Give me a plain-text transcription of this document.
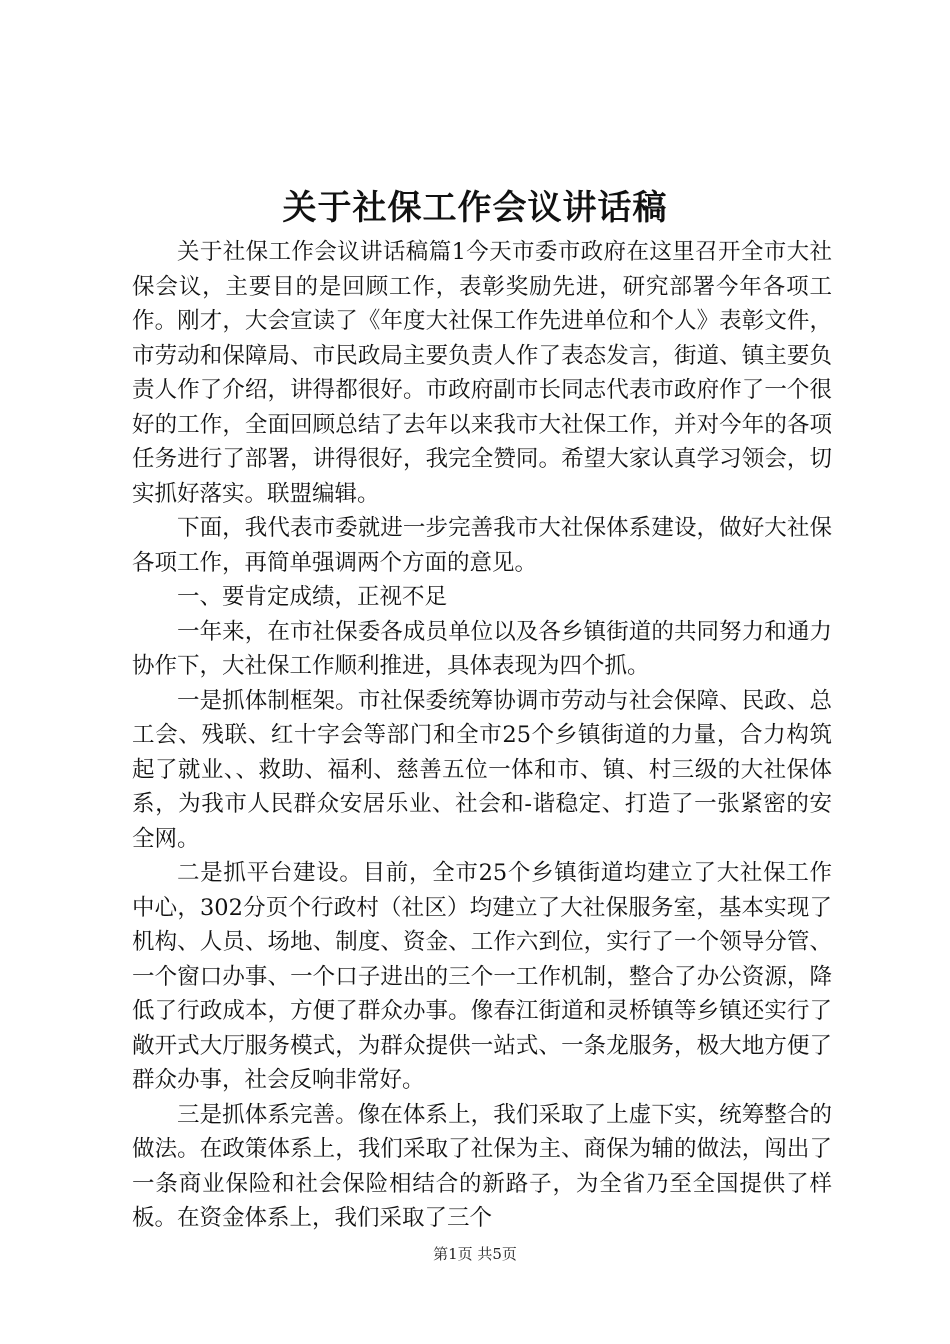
关于社保工作会议讲话稿

关于社保工作会议讲话稿篇1今天市委市政府在这里召开全市大社保会议，主要目的是回顾工作，表彰奖励先进，研究部署今年各项工作。刚才，大会宣读了《年度大社保工作先进单位和个人》表彰文件，市劳动和保障局、市民政局主要负责人作了表态发言，街道、镇主要负责人作了介绍，讲得都很好。市政府副市长同志代表市政府作了一个很好的工作，全面回顾总结了去年以来我市大社保工作，并对今年的各项任务进行了部署，讲得很好，我完全赞同。希望大家认真学习领会，切实抓好落实。联盟编辑。

下面，我代表市委就进一步完善我市大社保体系建设，做好大社保各项工作，再简单强调两个方面的意见。

一、要肯定成绩，正视不足

一年来，在市社保委各成员单位以及各乡镇街道的共同努力和通力协作下，大社保工作顺利推进，具体表现为四个抓。

一是抓体制框架。市社保委统筹协调市劳动与社会保障、民政、总工会、残联、红十字会等部门和全市25个乡镇街道的力量，合力构筑起了就业、、救助、福利、慈善五位一体和市、镇、村三级的大社保体系，为我市人民群众安居乐业、社会和-谐稳定、打造了一张紧密的安全网。

二是抓平台建设。目前，全市25个乡镇街道均建立了大社保工作中心，302分页个行政村（社区）均建立了大社保服务室，基本实现了机构、人员、场地、制度、资金、工作六到位，实行了一个领导分管、一个窗口办事、一个口子进出的三个一工作机制，整合了办公资源，降低了行政成本，方便了群众办事。像春江街道和灵桥镇等乡镇还实行了敞开式大厅服务模式，为群众提供一站式、一条龙服务，极大地方便了群众办事，社会反响非常好。

三是抓体系完善。像在体系上，我们采取了上虚下实，统筹整合的做法。在政策体系上，我们采取了社保为主、商保为辅的做法，闯出了一条商业保险和社会保险相结合的新路子，为全省乃至全国提供了样板。在资金体系上，我们采取了三个

第1页 共5页
